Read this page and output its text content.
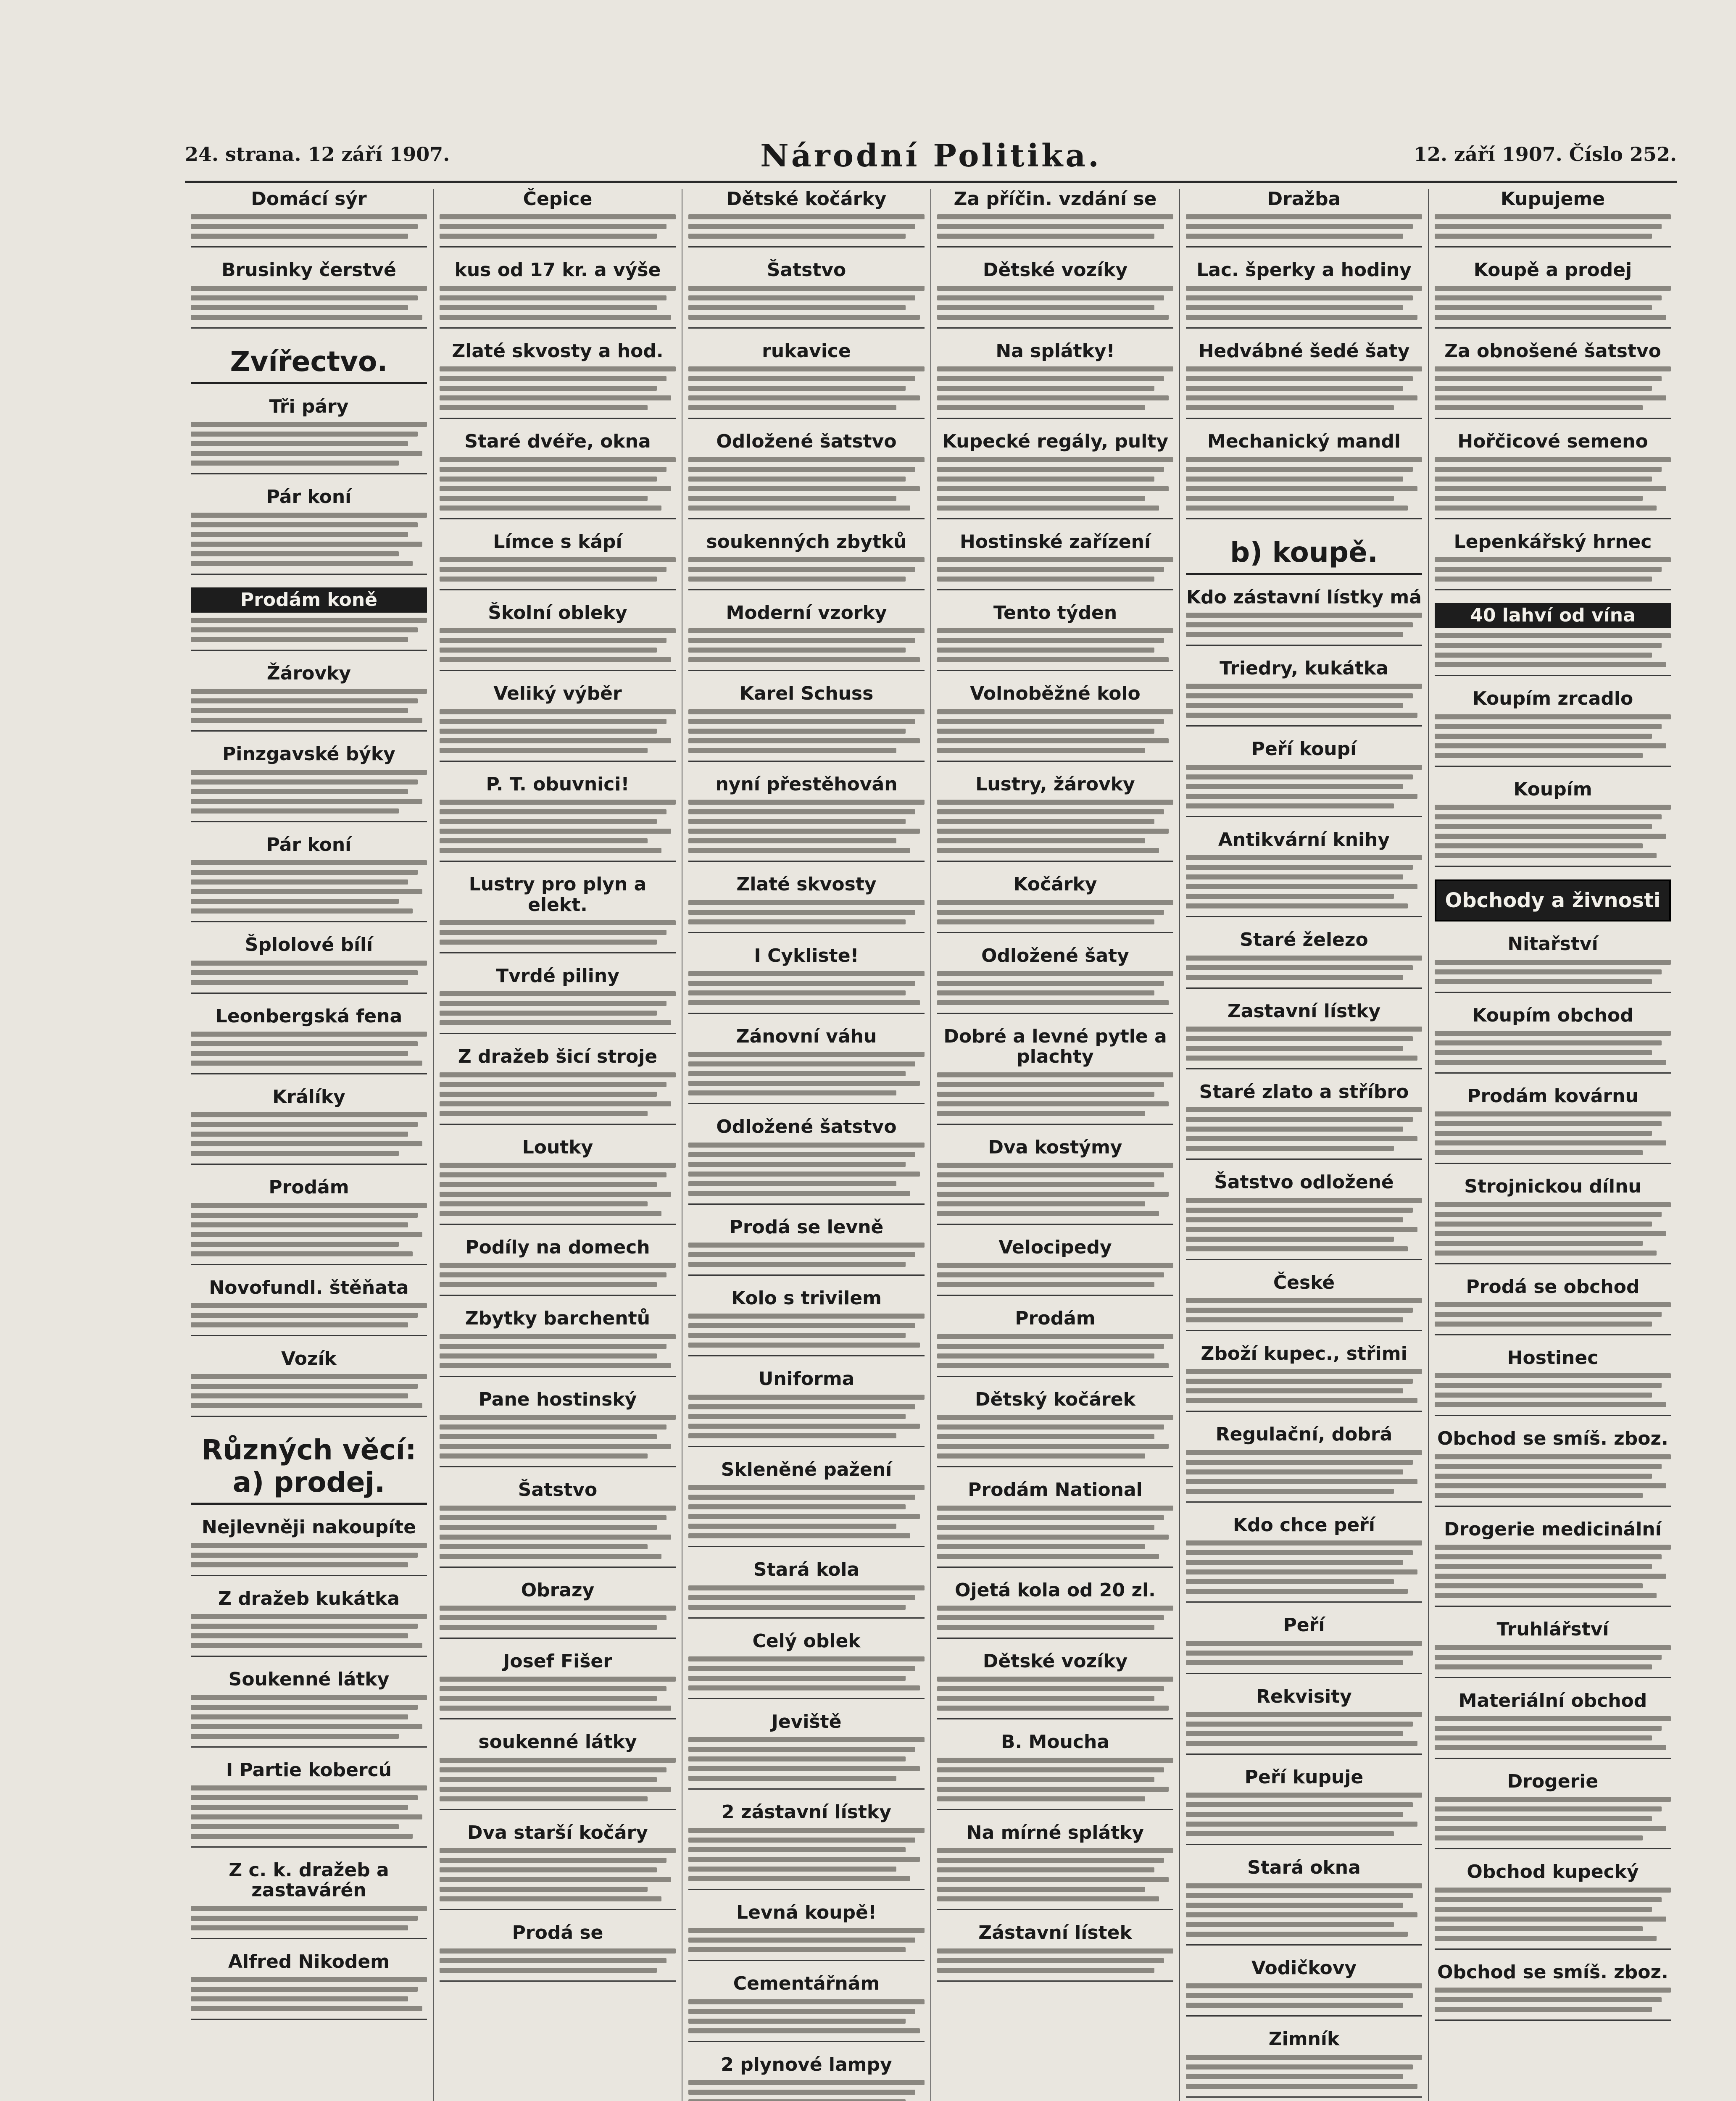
24. strana. 12 září 1907.	Národní Politika.	12. září 1907. Číslo 252.
Domácí sýr
Brusinky čerstvé
Zvířectvo.
Tři páry
Pár koní
Prodám koně
Žárovky
Pinzgavské býky
Pár koní
Šplolové bílí
Leonbergská fena
Králíky
Prodám
Novofundl. štěňata
Vozík
Různých věcí: a) prodej.
Nejlevněji nakoupíte
Z dražeb kukátka
Soukenné látky
I Partie kobercú
Z c. k. dražeb a zastavárén
Alfred Nikodem
Čepice
kus od 17 kr. a výše
Zlaté skvosty a hod.
Staré dvéře, okna
Límce s kápí
Školní oblekу
Veliký výběr
P. T. obuvnici!
Lustry pro plyn a elekt.
Tvrdé piliny
Z dražeb šicí stroje
Loutky
Podíly na domech
Zbytky barchentů
Pane hostinský
Šatstvo
Obrazy
Josef Fišer
soukenné látky
Dva starší kočáry
Prodá se
Dětské kočárky
Šatstvo
rukavice
Odložené šatstvo
soukenných zbytků
Moderní vzorky
Karel Schuss
nyní přestěhován
Zlaté skvosty
I Cykliste!
Zánovní váhu
Odložené šatstvo
Prodá se levně
Kolo s trivilem
Uniforma
Skleněné pažení
Stará kola
Celý oblek
Jeviště
2 zástavní lístky
Levná koupě!
Cementářnám
2 plynové lampy
Za příčin. vzdání se
Dětské vozíky
Na splátky!
Kupecké regály, pulty
Hostinské zařízení
Tento týden
Volnoběžné kolo
Lustry, žárovky
Kočárky
Odložené šaty
Dobré a levné pytle a plachty
Dva kostýmy
Velocipedy
Prodám
Dětský kočárek
Prodám National
Ojetá kola od 20 zl.
Dětské vozíky
B. Moucha
Na mírné splátky
Zástavní lístek
Dražba
Lac. šperky a hodiny
Hedvábné šedé šaty
Mechanický mandl
b) koupě.
Kdo zástavní lístky má
Triedry, kukátka
Peří koupí
Antikvární knihy
Staré železo
Zastavní lístky
Staré zlato a stříbro
Šatstvo odložené
České
Zboží kupec., střimi
Regulační, dobrá
Kdo chce peří
Peří
Rekvisity
Peří kupuje
Stará okna
Vodičkovy
Zimník
Kupujeme
Koupě a prodej
Za obnošené šatstvo
Hořčicové semeno
Lepenkářský hrnec
40 lahví od vína
Koupím zrcadlo
Koupím
Obchody a živnosti
Nitařství
Koupím obchod
Prodám kovárnu
Strojnickou dílnu
Prodá se obchod
Hostinec
Obchod se smíš. zboz.
Drogerie medicinální
Truhlářství
Materiální obchod
Drogerie
Obchod kupecký
Obchod se smíš. zboz.
